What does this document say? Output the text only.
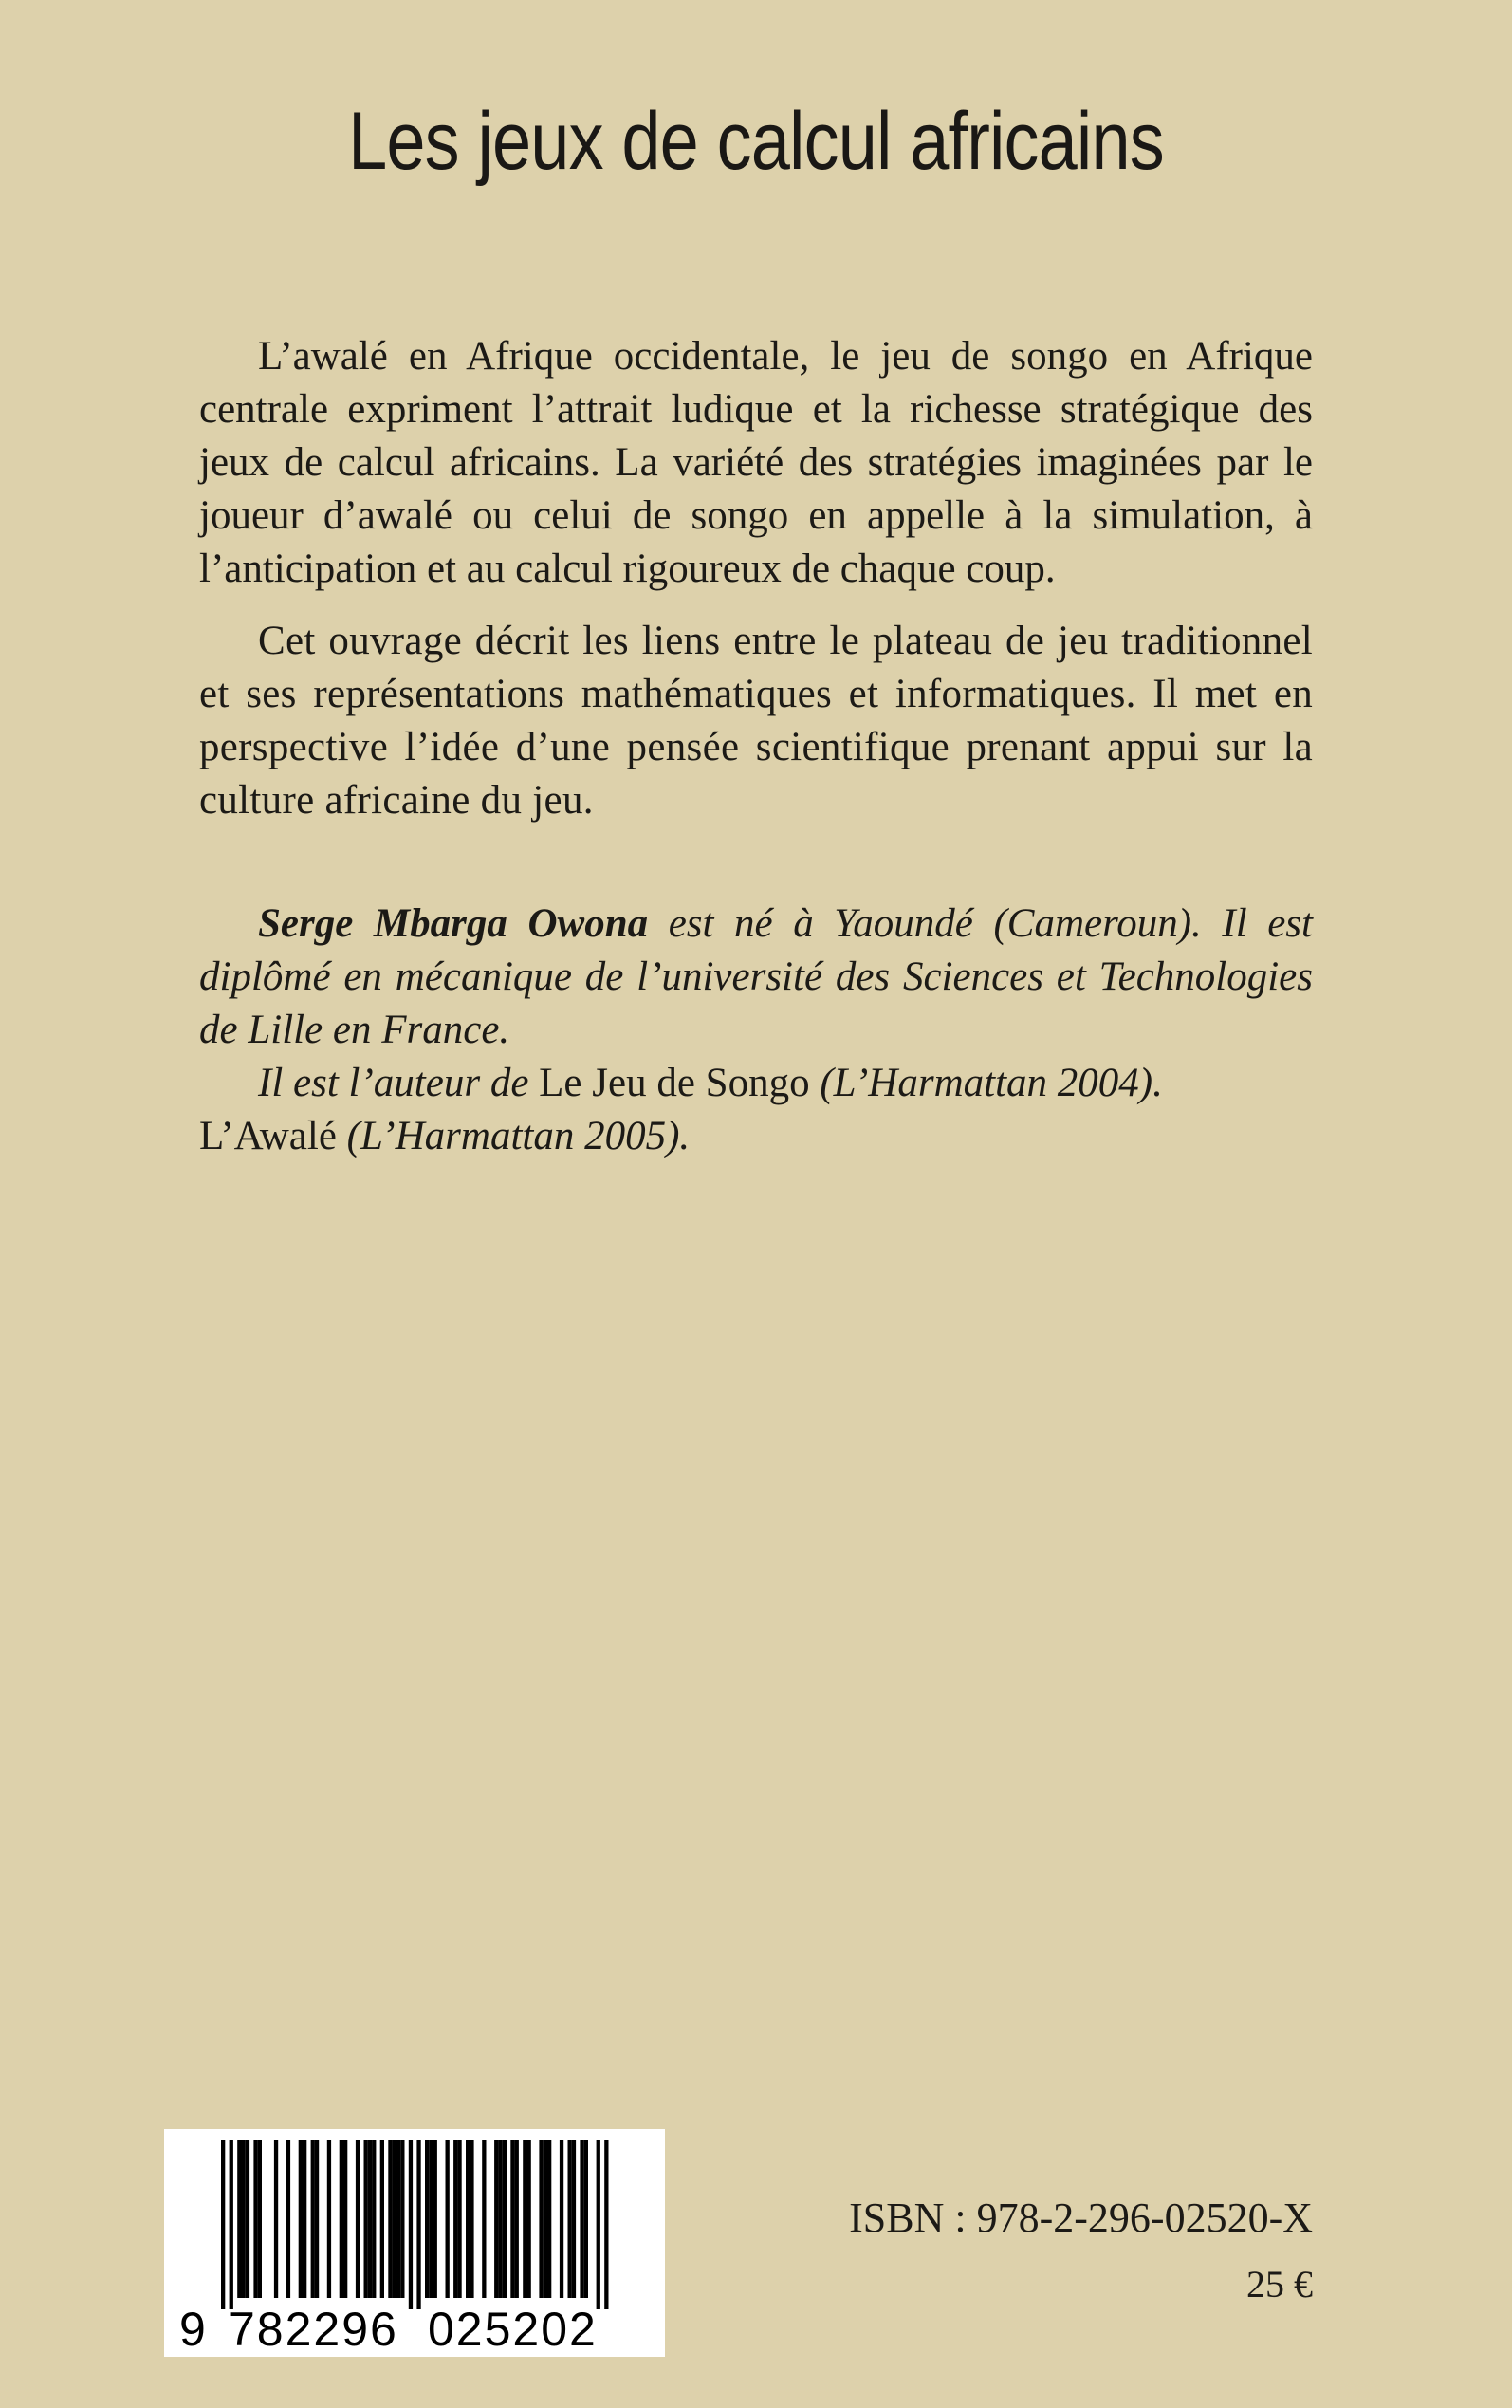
Les jeux de calcul africains

L’awalé en Afrique occidentale, le jeu de songo en Afrique centrale expriment l’attrait ludique et la richesse stratégique des jeux de calcul africains. La variété des stratégies imaginées par le joueur d’awalé ou celui de songo en appelle à la simulation, à l’anticipation et au calcul rigoureux de chaque coup.

Cet ouvrage décrit les liens entre le plateau de jeu traditionnel et ses représentations mathématiques et informatiques. Il met en perspective l’idée d’une pensée scientifique prenant appui sur la culture africaine du jeu.

Serge Mbarga Owona est né à Yaoundé (Cameroun). Il est diplômé en mécanique de l’université des Sciences et Technologies de Lille en France.

Il est l’auteur de Le Jeu de Songo (L’Harmattan 2004).

L’Awalé (L’Harmattan 2005).

9 782296 025202
ISBN : 978-2-296-02520-X
25 €
